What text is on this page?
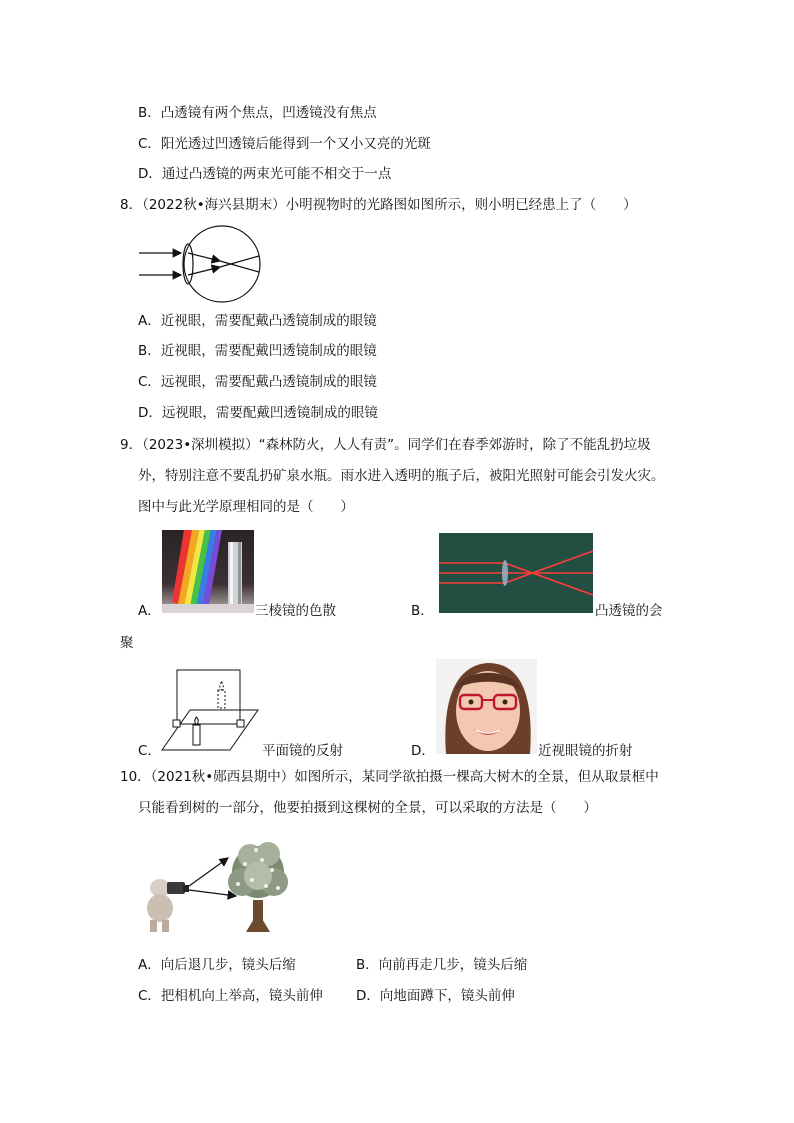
B．凸透镜有两个焦点，凹透镜没有焦点
C．阳光透过凹透镜后能得到一个又小又亮的光斑
D．通过凸透镜的两束光可能不相交于一点
8．（2022秋•海兴县期末）小明视物时的光路图如图所示，则小明已经患上了（　　）
A．近视眼，需要配戴凸透镜制成的眼镜
B．近视眼，需要配戴凹透镜制成的眼镜
C．远视眼，需要配戴凸透镜制成的眼镜
D．远视眼，需要配戴凹透镜制成的眼镜
9．（2023•深圳模拟）“森林防火，人人有责”。同学们在春季郊游时，除了不能乱扔垃圾
外，特别注意不要乱扔矿泉水瓶。雨水进入透明的瓶子后，被阳光照射可能会引发火灾。
图中与此光学原理相同的是（　　）
A．	三棱镜的色散	B．	凸透镜的会
聚
C．	平面镜的反射	D．	近视眼镜的折射
10．（2021秋•郧西县期中）如图所示，某同学欲拍摄一棵高大树木的全景，但从取景框中
只能看到树的一部分，他要拍摄到这棵树的全景，可以采取的方法是（　　）
A．向后退几步，镜头后缩	B．向前再走几步，镜头后缩
C．把相机向上举高，镜头前伸 D．向地面蹲下，镜头前伸
